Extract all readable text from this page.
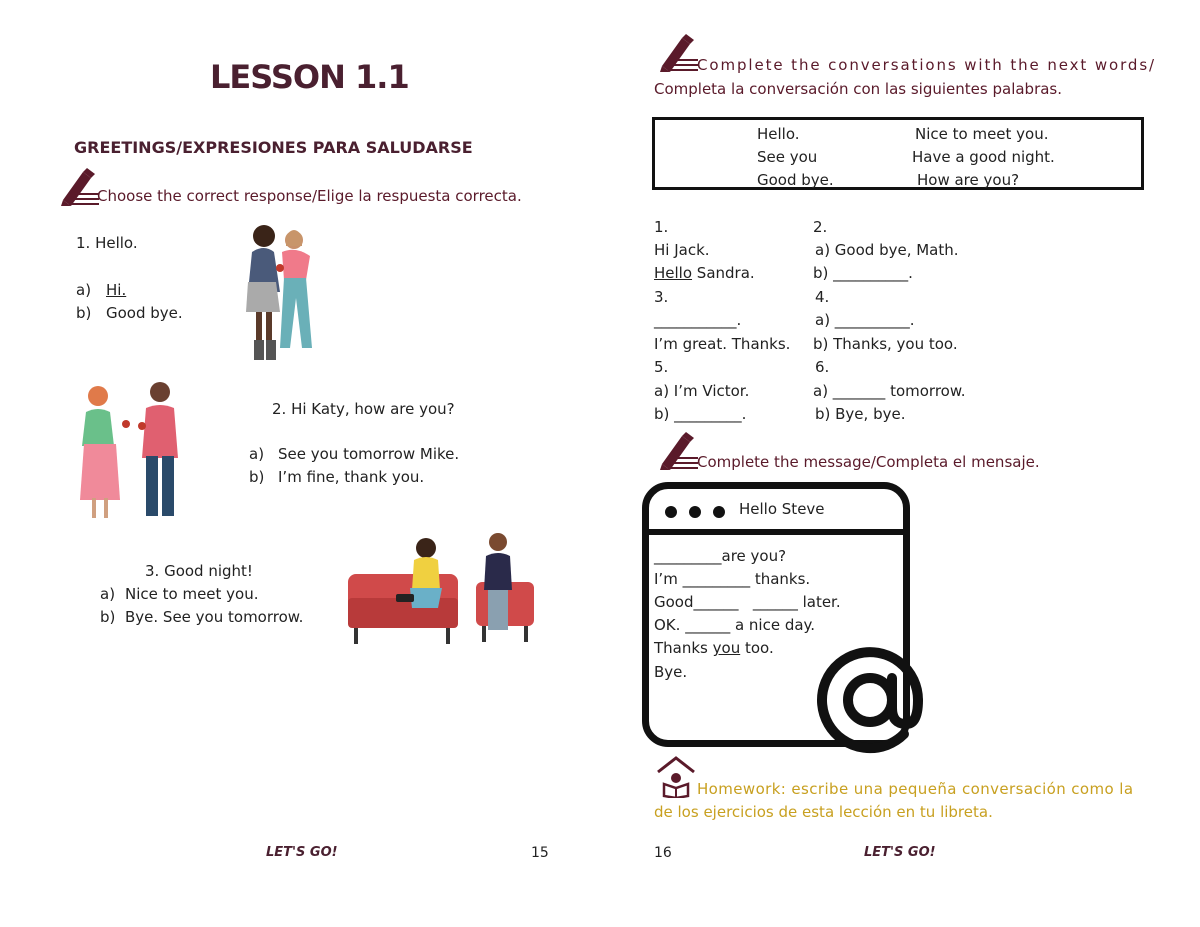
LESSON 1.1
GREETINGS/EXPRESIONES PARA SALUDARSE
Choose the correct response/Elige la respuesta correcta.
1. Hello.
a) Hi.
b) Good bye.
2. Hi Katy, how are you?
a) See you tomorrow Mike.
b) I’m fine, thank you.
3. Good night!
a) Nice to meet you.
b) Bye. See you tomorrow.
LET'S GO!	15
Complete the conversations with the next words/
Completa la conversación con las siguientes palabras.
Hello.
See you
Good bye.
Nice to meet you.
Have a good night.
How are you?
1.
Hi Jack.
Hello Sandra.
2.
a) Good bye, Math.
b) __________.
3.
___________.
I’m great. Thanks.
4.
a) __________.
b) Thanks, you too.
5.
a) I’m Victor.
b) _________.
6.
a) _______ tomorrow.
b) Bye, bye.
Complete the message/Completa el mensaje.
Hello Steve
_________are you?
I’m _________ thanks.
Good______ ______ later.
OK. ______ a nice day.
Thanks you too.
Bye.
Homework: escribe una pequeña conversación como la
de los ejercicios de esta lección en tu libreta.
16	LET'S GO!
